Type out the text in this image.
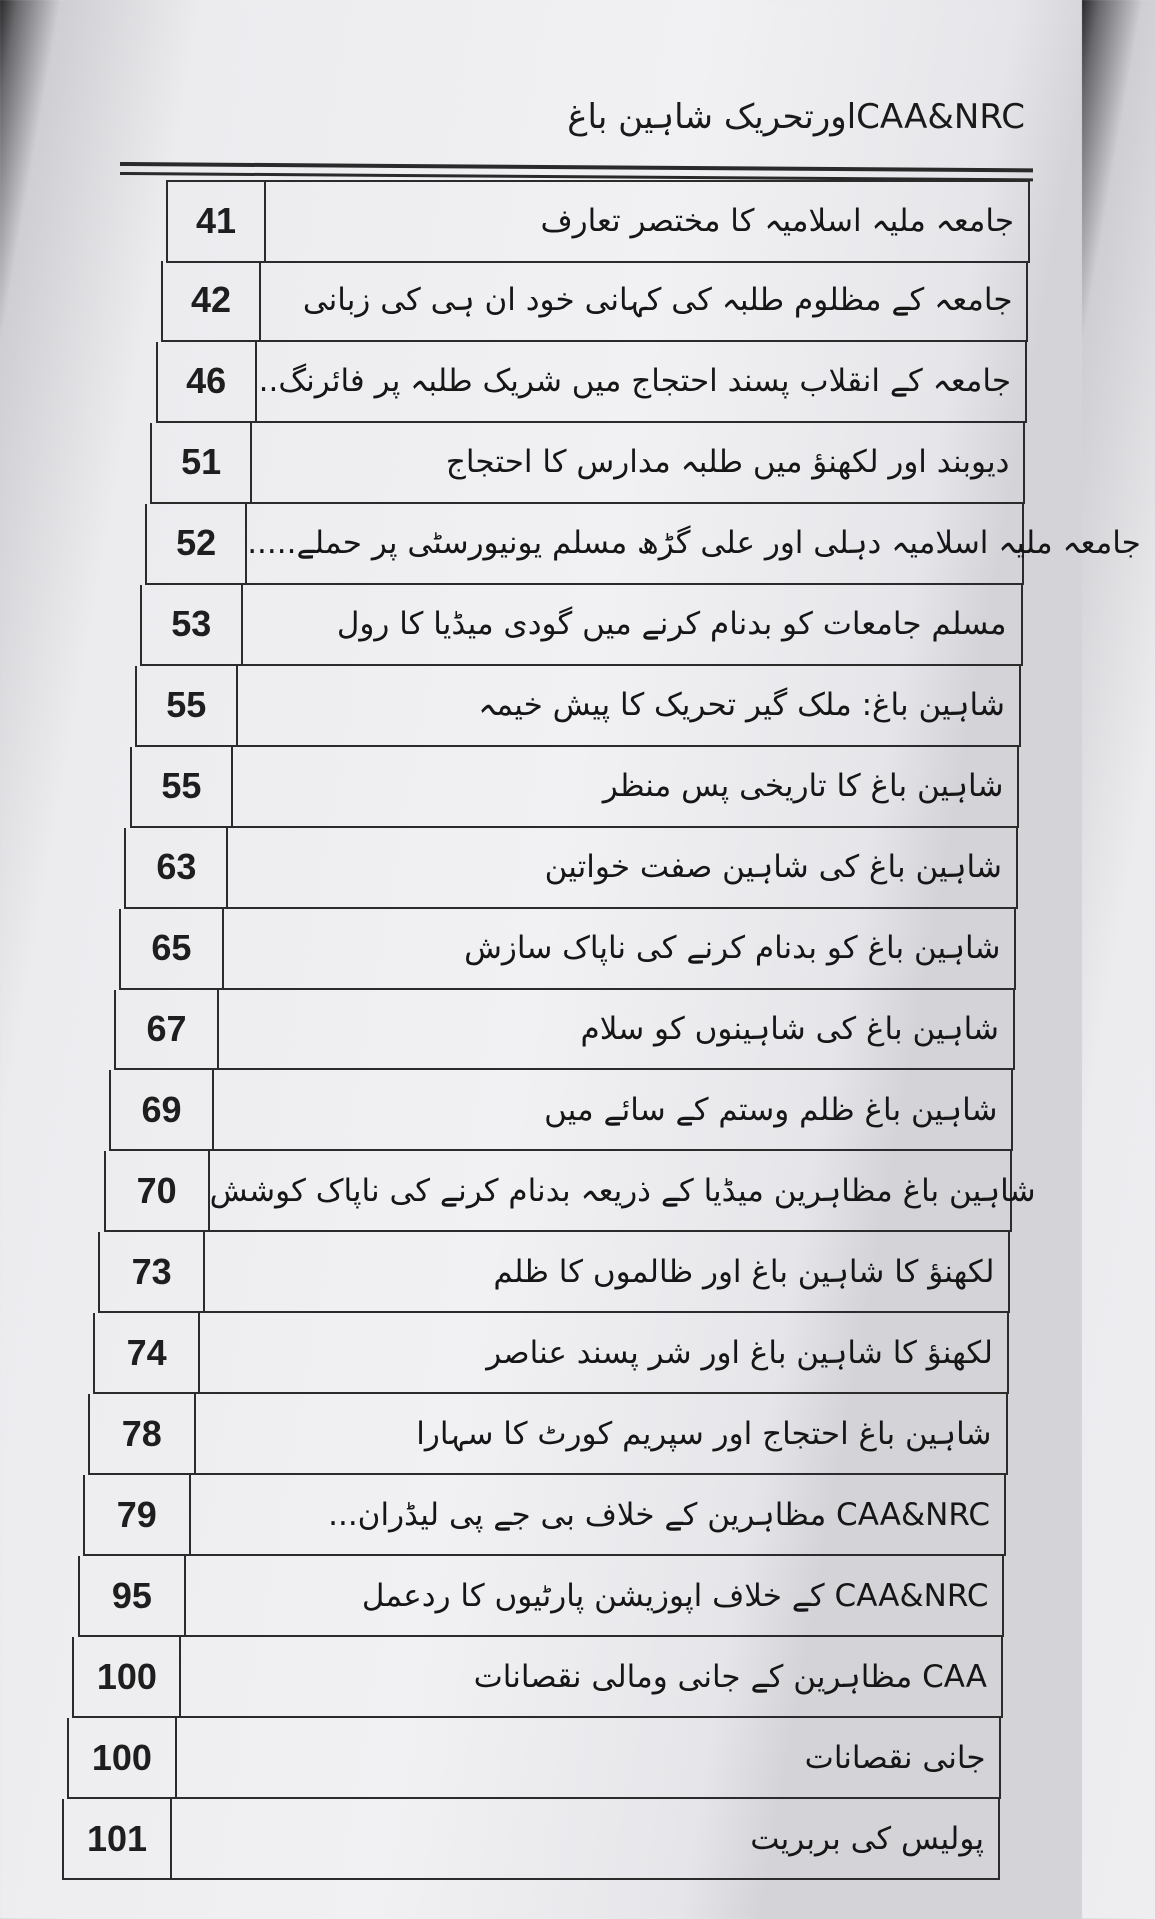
CAA&NRCاورتحریک شاہین باغ
41	جامعہ ملیہ اسلامیہ کا مختصر تعارف
42	جامعہ کے مظلوم طلبہ کی کہانی خود ان ہی کی زبانی
46	جامعہ کے انقلاب پسند احتجاج میں شریک طلبہ پر فائرنگ..
51	دیوبند اور لکھنؤ میں طلبہ مدارس کا احتجاج
52 جامعہ ملیہ اسلامیہ دہلی اور علی گڑھ مسلم یونیورسٹی پر حملے.....
53	مسلم جامعات کو بدنام کرنے میں گودی میڈیا کا رول
55	شاہین باغ: ملک گیر تحریک کا پیش خیمہ
55	شاہین باغ کا تاریخی پس منظر
63	شاہین باغ کی شاہین صفت خواتین
65	شاہین باغ کو بدنام کرنے کی ناپاک سازش
67	شاہین باغ کی شاہینوں کو سلام
69	شاہین باغ ظلم وستم کے سائے میں
70	شاہین باغ مظاہرین میڈیا کے ذریعہ بدنام کرنے کی ناپاک کوشش
73	لکھنؤ کا شاہین باغ اور ظالموں کا ظلم
74	لکھنؤ کا شاہین باغ اور شر پسند عناصر
78	شاہین باغ احتجاج اور سپریم کورٹ کا سہارا
79	CAA&NRC مظاہرین کے خلاف بی جے پی لیڈران...
95	CAA&NRC کے خلاف اپوزیشن پارٹیوں کا ردعمل
100	CAA مظاہرین کے جانی ومالی نقصانات
100	جانی نقصانات
101	پولیس کی بربریت
